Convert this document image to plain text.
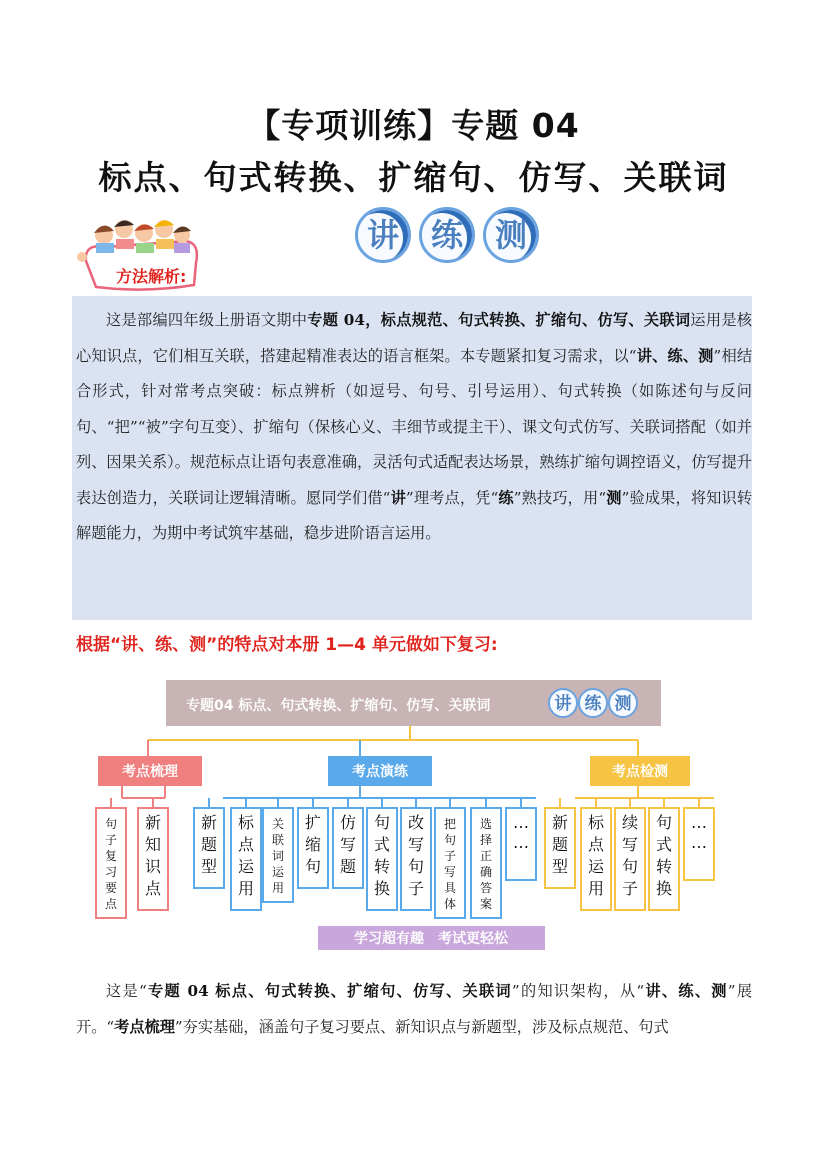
【专项训练】专题 04
标点、句式转换、扩缩句、仿写、关联词
讲 练 测
方法解析:
这是部编四年级上册语文期中专题 04，标点规范、句式转换、扩缩句、仿写、关联词运用是核心知识点，它们相互关联，搭建起精准表达的语言框架。本专题紧扣复习需求，以“讲、练、测”相结合形式，针对常考点突破：标点辨析（如逗号、句号、引号运用）、句式转换（如陈述句与反问句、“把”“被”字句互变）、扩缩句（保核心义、丰细节或提主干）、课文句式仿写、关联词搭配（如并列、因果关系）。规范标点让语句表意准确，灵活句式适配表达场景，熟练扩缩句调控语义，仿写提升表达创造力，关联词让逻辑清晰。愿同学们借“讲”理考点，凭“练”熟技巧，用“测”验成果，将知识转解题能力，为期中考试筑牢基础，稳步进阶语言运用。
根据“讲、练、测”的特点对本册 1—4 单元做如下复习:
专题04 标点、句式转换、扩缩句、仿写、关联词	讲 练 测
考点梳理	考点演练	考点检测
句子复习要点
新知识点
新题型
标点运用
关联词运用
扩缩句
仿写题
句式转换
改写句子
把句子写具体
选择正确答案
… …
新题型
标点运用
续写句子
句式转换
… …
学习超有趣　考试更轻松
这是“专题 04 标点、句式转换、扩缩句、仿写、关联词”的知识架构，从“讲、练、测”展开。“考点梳理”夯实基础，涵盖句子复习要点、新知识点与新题型，涉及标点规范、句式
